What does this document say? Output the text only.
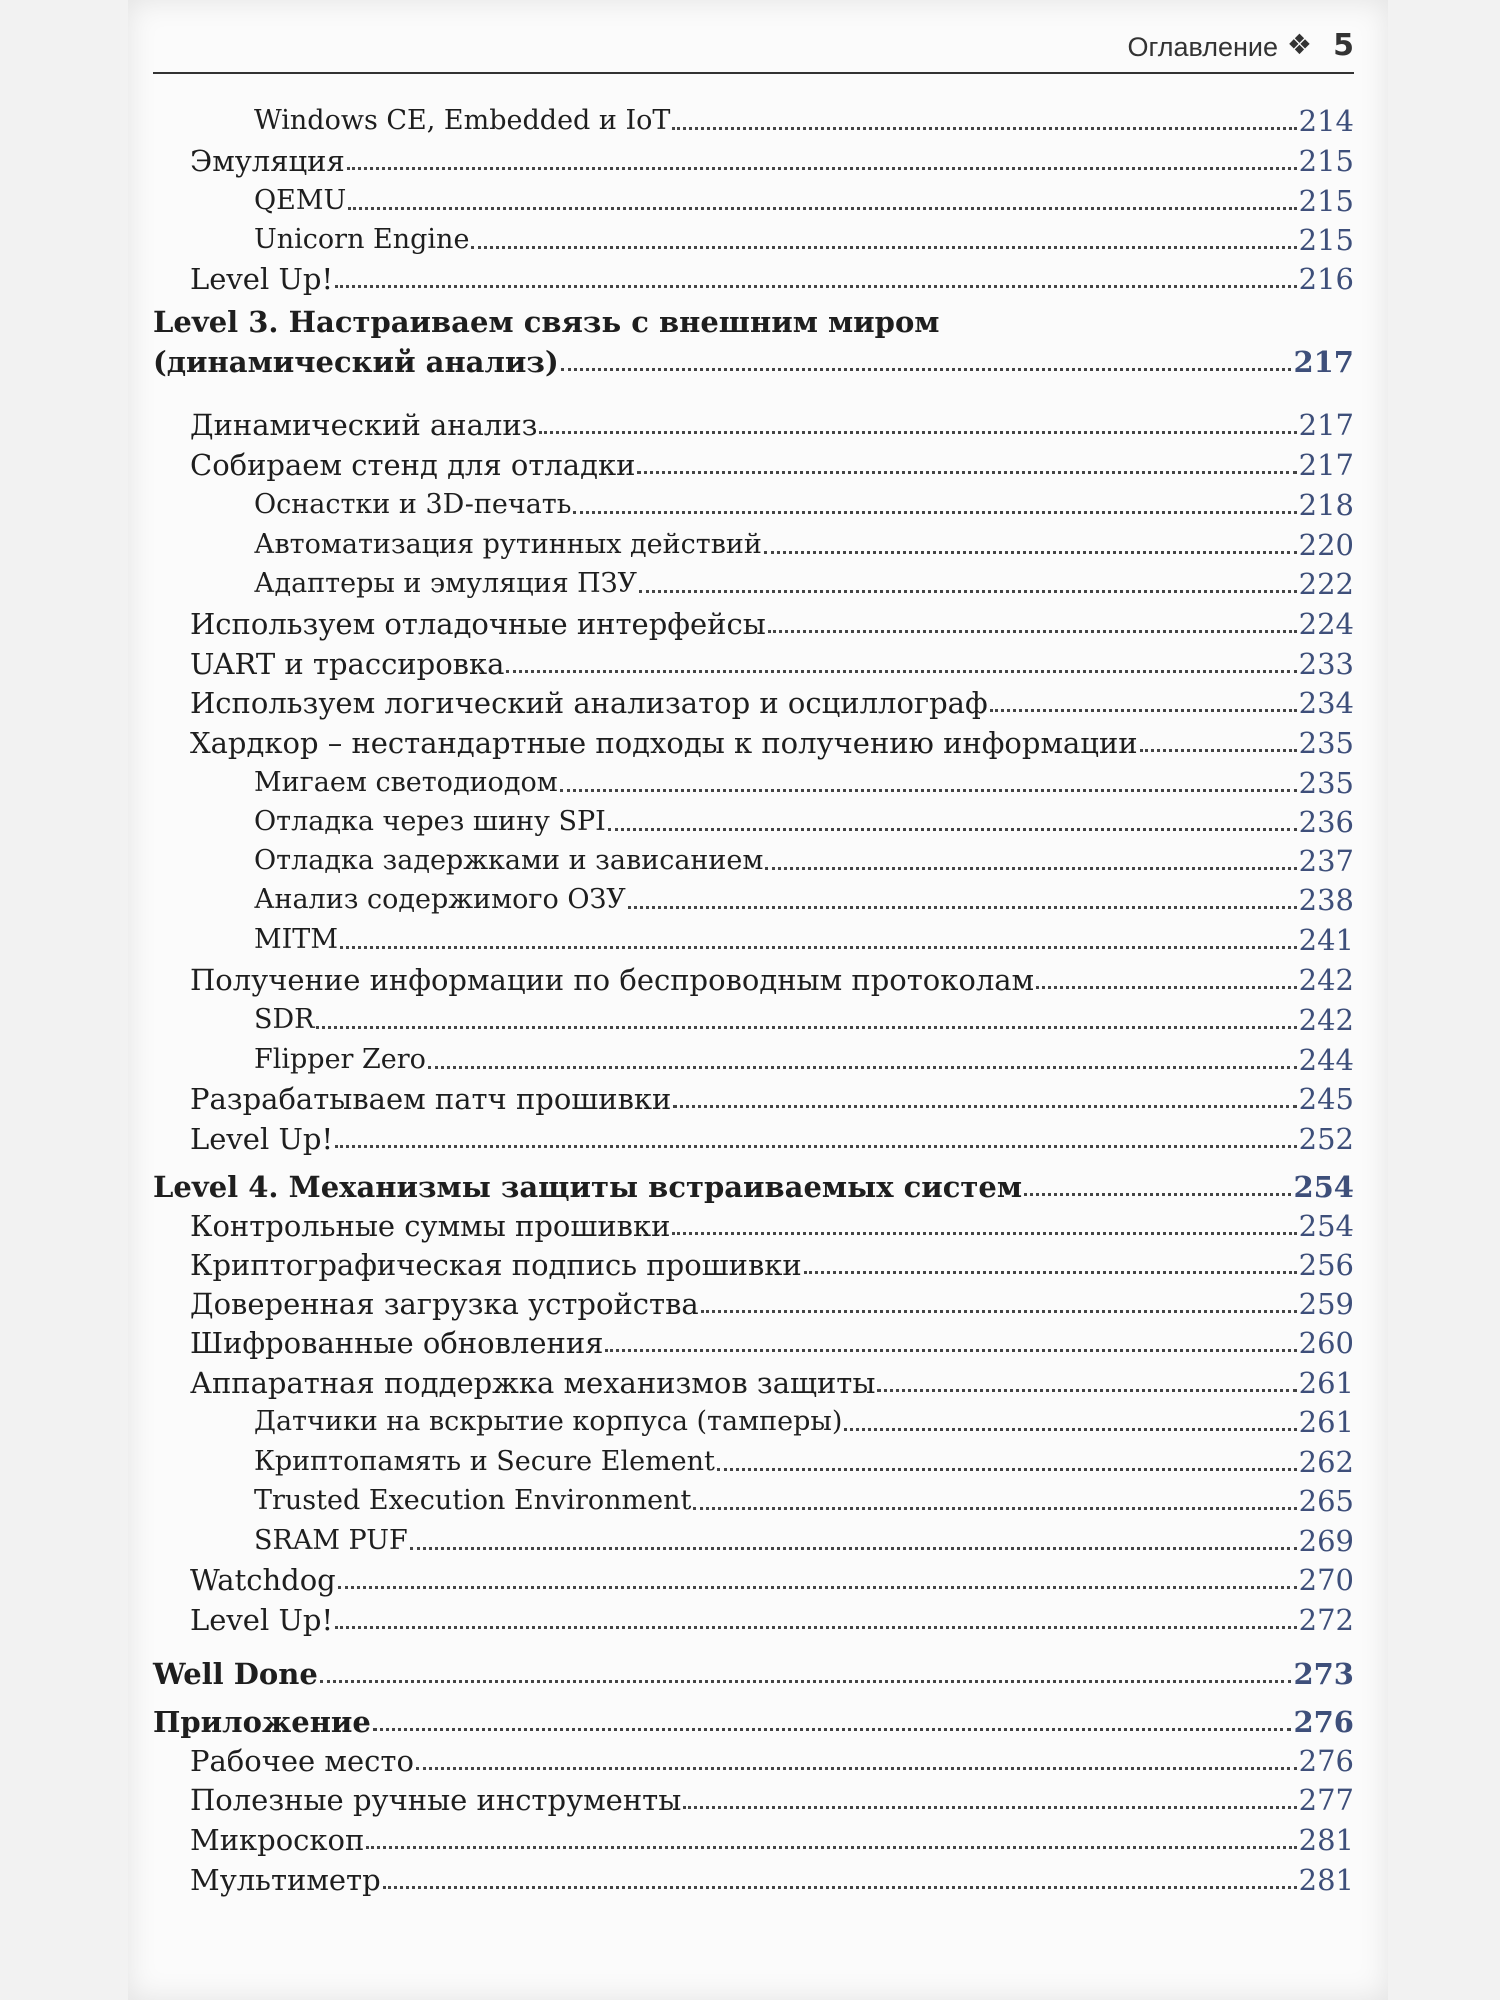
Оглавление ❖ 5
Windows CE, Embedded и IoT	214
Эмуляция	215
QEMU	215
Unicorn Engine	215
Level Up!	216
Level 3. Настраиваем связь с внешним миром
(динамический анализ)	217
Динамический анализ	217
Собираем стенд для отладки	217
Оснастки и 3D-печать	218
Автоматизация рутинных действий	220
Адаптеры и эмуляция ПЗУ	222
Используем отладочные интерфейсы	224
UART и трассировка	233
Используем логический анализатор и осциллограф	234
Хардкор – нестандартные подходы к получению информации	235
Мигаем светодиодом	235
Отладка через шину SPI	236
Отладка задержками и зависанием	237
Анализ содержимого ОЗУ	238
MITM	241
Получение информации по беспроводным протоколам	242
SDR	242
Flipper Zero	244
Разрабатываем патч прошивки	245
Level Up!	252
Level 4. Механизмы защиты встраиваемых систем	254
Контрольные суммы прошивки	254
Криптографическая подпись прошивки	256
Доверенная загрузка устройства	259
Шифрованные обновления	260
Аппаратная поддержка механизмов защиты	261
Датчики на вскрытие корпуса (тамперы)	261
Криптопамять и Secure Element	262
Trusted Execution Environment	265
SRAM PUF	269
Watchdog	270
Level Up!	272
Well Done	273
Приложение	276
Рабочее место	276
Полезные ручные инструменты	277
Микроскоп	281
Мультиметр	281
